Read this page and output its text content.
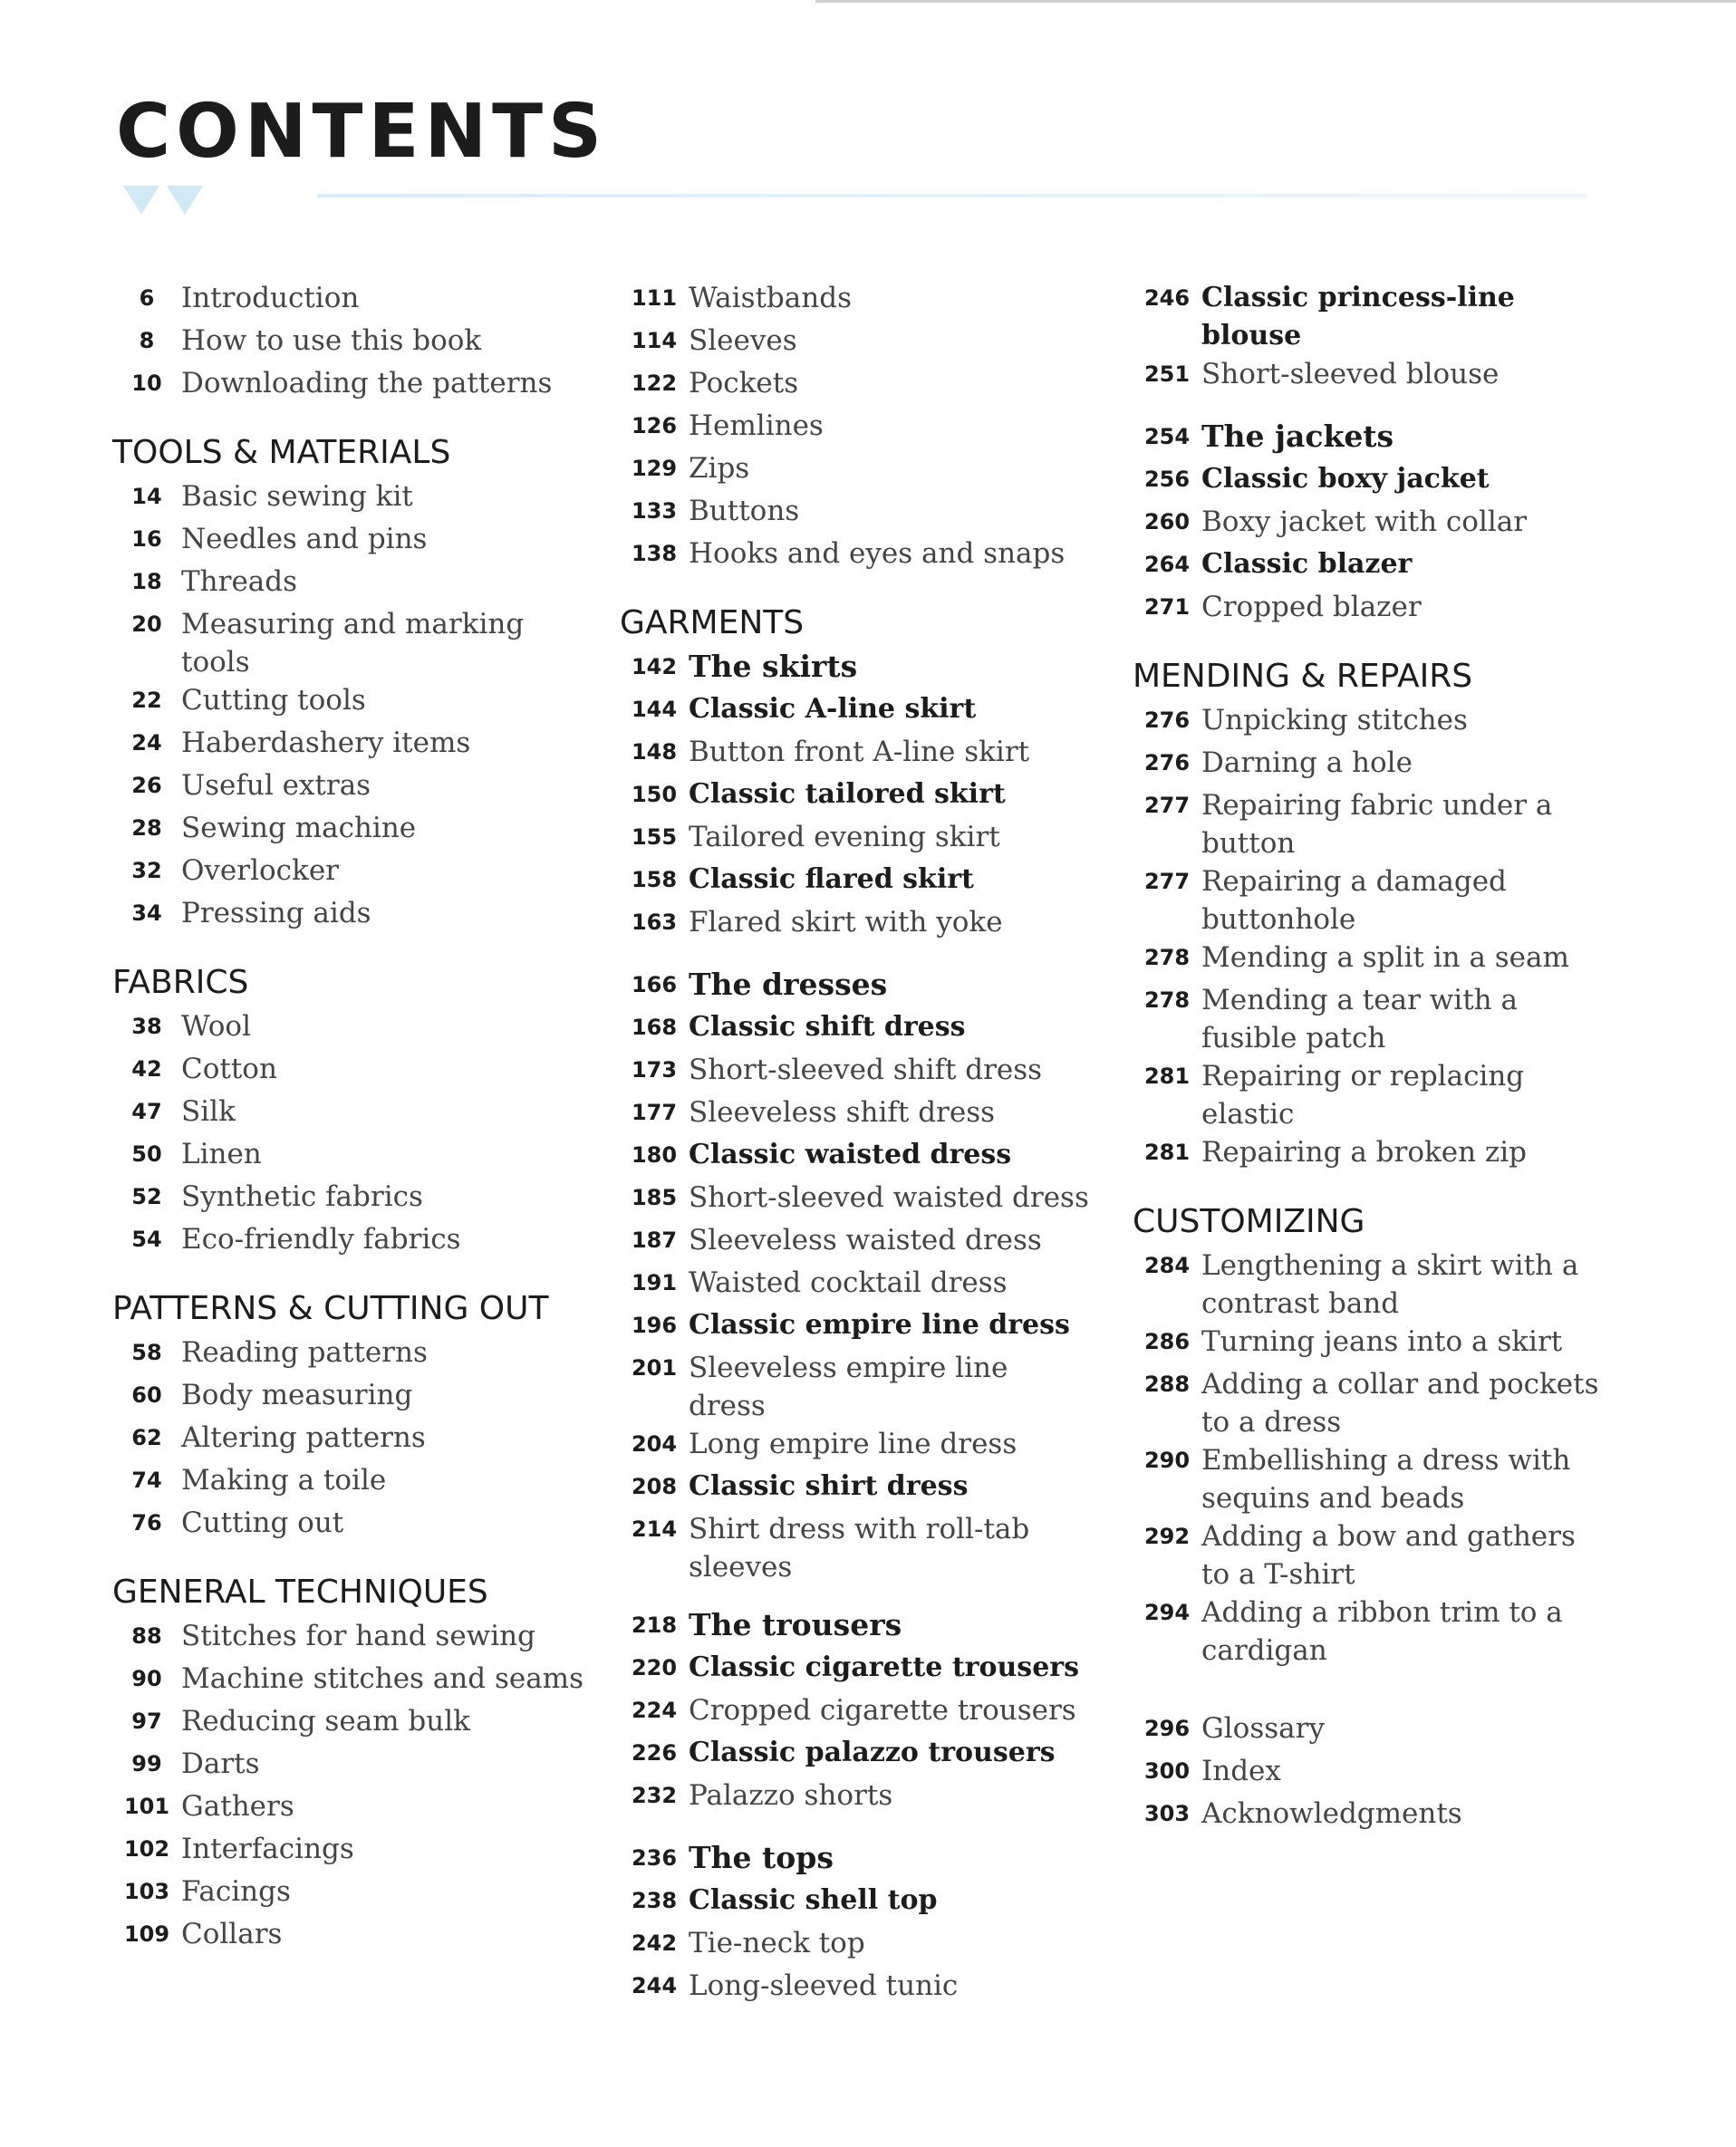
CONTENTS
6 Introduction
8 How to use this book
10 Downloading the patterns
TOOLS & MATERIALS
14 Basic sewing kit
16 Needles and pins
18 Threads
20 Measuring and marking tools
22 Cutting tools
24 Haberdashery items
26 Useful extras
28 Sewing machine
32 Overlocker
34 Pressing aids
FABRICS
38 Wool
42 Cotton
47 Silk
50 Linen
52 Synthetic fabrics
54 Eco-friendly fabrics
PATTERNS & CUTTING OUT
58 Reading patterns
60 Body measuring
62 Altering patterns
74 Making a toile
76 Cutting out
GENERAL TECHNIQUES
88 Stitches for hand sewing
90 Machine stitches and seams
97 Reducing seam bulk
99 Darts
101 Gathers
102 Interfacings
103 Facings
109 Collars
111 Waistbands
114 Sleeves
122 Pockets
126 Hemlines
129 Zips
133 Buttons
138 Hooks and eyes and snaps
GARMENTS
142 The skirts
144 Classic A-line skirt
148 Button front A-line skirt
150 Classic tailored skirt
155 Tailored evening skirt
158 Classic flared skirt
163 Flared skirt with yoke
166 The dresses
168 Classic shift dress
173 Short-sleeved shift dress
177 Sleeveless shift dress
180 Classic waisted dress
185 Short-sleeved waisted dress
187 Sleeveless waisted dress
191 Waisted cocktail dress
196 Classic empire line dress
201 Sleeveless empire line dress
204 Long empire line dress
208 Classic shirt dress
214 Shirt dress with roll-tab sleeves
218 The trousers
220 Classic cigarette trousers
224 Cropped cigarette trousers
226 Classic palazzo trousers
232 Palazzo shorts
236 The tops
238 Classic shell top
242 Tie-neck top
244 Long-sleeved tunic
246 Classic princess-line blouse
251 Short-sleeved blouse
254 The jackets
256 Classic boxy jacket
260 Boxy jacket with collar
264 Classic blazer
271 Cropped blazer
MENDING & REPAIRS
276 Unpicking stitches
276 Darning a hole
277 Repairing fabric under a button
277 Repairing a damaged buttonhole
278 Mending a split in a seam
278 Mending a tear with a fusible patch
281 Repairing or replacing elastic
281 Repairing a broken zip
CUSTOMIZING
284 Lengthening a skirt with a contrast band
286 Turning jeans into a skirt
288 Adding a collar and pockets to a dress
290 Embellishing a dress with sequins and beads
292 Adding a bow and gathers to a T-shirt
294 Adding a ribbon trim to a cardigan
296 Glossary
300 Index
303 Acknowledgments
